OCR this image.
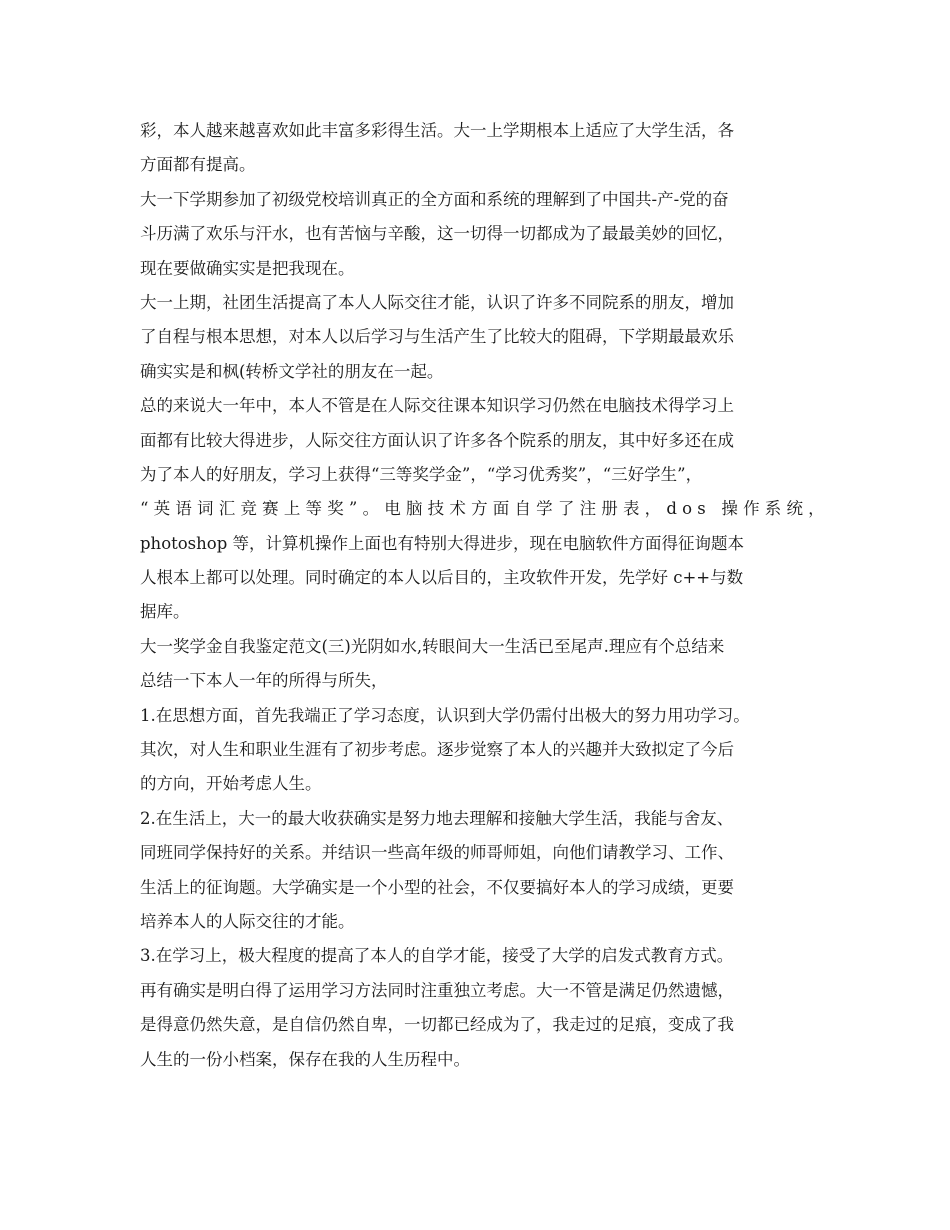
彩，本人越来越喜欢如此丰富多彩得生活。大一上学期根本上适应了大学生活，各
方面都有提高。
大一下学期参加了初级党校培训真正的全方面和系统的理解到了中国共-产-党的奋
斗历满了欢乐与汗水，也有苦恼与辛酸，这一切得一切都成为了最最美妙的回忆，
现在要做确实实是把我现在。
大一上期，社团生活提高了本人人际交往才能，认识了许多不同院系的朋友，增加
了自程与根本思想，对本人以后学习与生活产生了比较大的阻碍，下学期最最欢乐
确实实是和枫(转桥文学社的朋友在一起。
总的来说大一年中，本人不管是在人际交往课本知识学习仍然在电脑技术得学习上
面都有比较大得进步，人际交往方面认识了许多各个院系的朋友，其中好多还在成
为了本人的好朋友，学习上获得“三等奖学金”，“学习优秀奖”，“三好学生”，
“英语词汇竞赛上等奖”。电脑技术方面自学了注册表，dos 操作系统，
photoshop 等，计算机操作上面也有特别大得进步，现在电脑软件方面得征询题本
人根本上都可以处理。同时确定的本人以后目的，主攻软件开发，先学好 c++与数
据库。
大一奖学金自我鉴定范文(三)光阴如水,转眼间大一生活已至尾声.理应有个总结来
总结一下本人一年的所得与所失，
1.在思想方面，首先我端正了学习态度，认识到大学仍需付出极大的努力用功学习。
其次，对人生和职业生涯有了初步考虑。逐步觉察了本人的兴趣并大致拟定了今后
的方向，开始考虑人生。
2.在生活上，大一的最大收获确实是努力地去理解和接触大学生活，我能与舍友、
同班同学保持好的关系。并结识一些高年级的师哥师姐，向他们请教学习、工作、
生活上的征询题。大学确实是一个小型的社会，不仅要搞好本人的学习成绩，更要
培养本人的人际交往的才能。
3.在学习上，极大程度的提高了本人的自学才能，接受了大学的启发式教育方式。
再有确实是明白得了运用学习方法同时注重独立考虑。大一不管是满足仍然遗憾，
是得意仍然失意，是自信仍然自卑，一切都已经成为了，我走过的足痕，变成了我
人生的一份小档案，保存在我的人生历程中。
